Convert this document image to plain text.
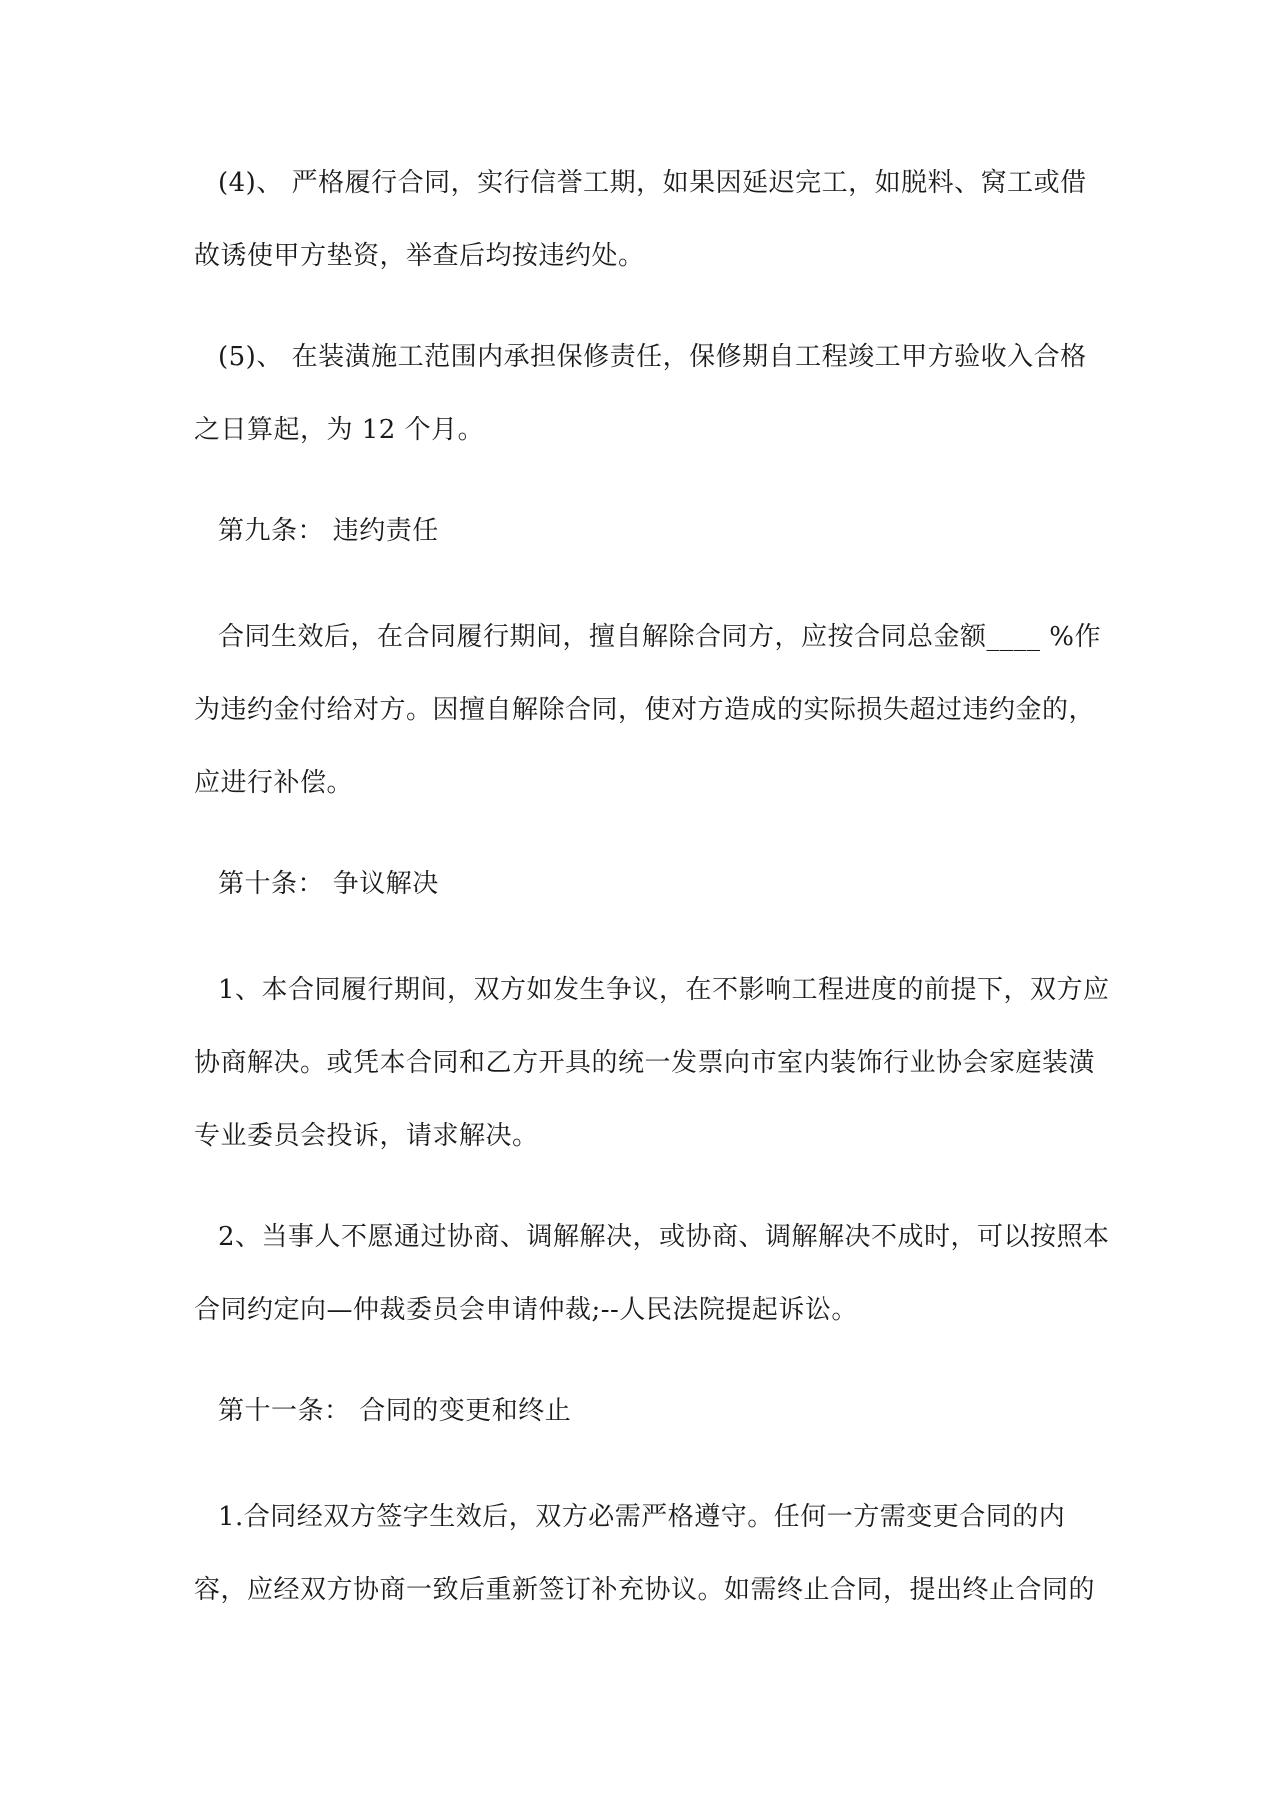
(4)、 严格履行合同，实行信誉工期，如果因延迟完工，如脱料、窝工或借
故诱使甲方垫资，举查后均按违约处。
(5)、 在装潢施工范围内承担保修责任，保修期自工程竣工甲方验收入合格
之日算起，为 12 个月。
第九条： 违约责任
合同生效后，在合同履行期间，擅自解除合同方，应按合同总金额____ %作
为违约金付给对方。因擅自解除合同，使对方造成的实际损失超过违约金的，
应进行补偿。
第十条： 争议解决
1、本合同履行期间，双方如发生争议，在不影响工程进度的前提下，双方应
协商解决。或凭本合同和乙方开具的统一发票向市室内装饰行业协会家庭装潢
专业委员会投诉，请求解决。
2、当事人不愿通过协商、调解解决，或协商、调解解决不成时，可以按照本
合同约定向—仲裁委员会申请仲裁;--人民法院提起诉讼。
第十一条： 合同的变更和终止
1.合同经双方签字生效后，双方必需严格遵守。任何一方需变更合同的内
容，应经双方协商一致后重新签订补充协议。如需终止合同，提出终止合同的
